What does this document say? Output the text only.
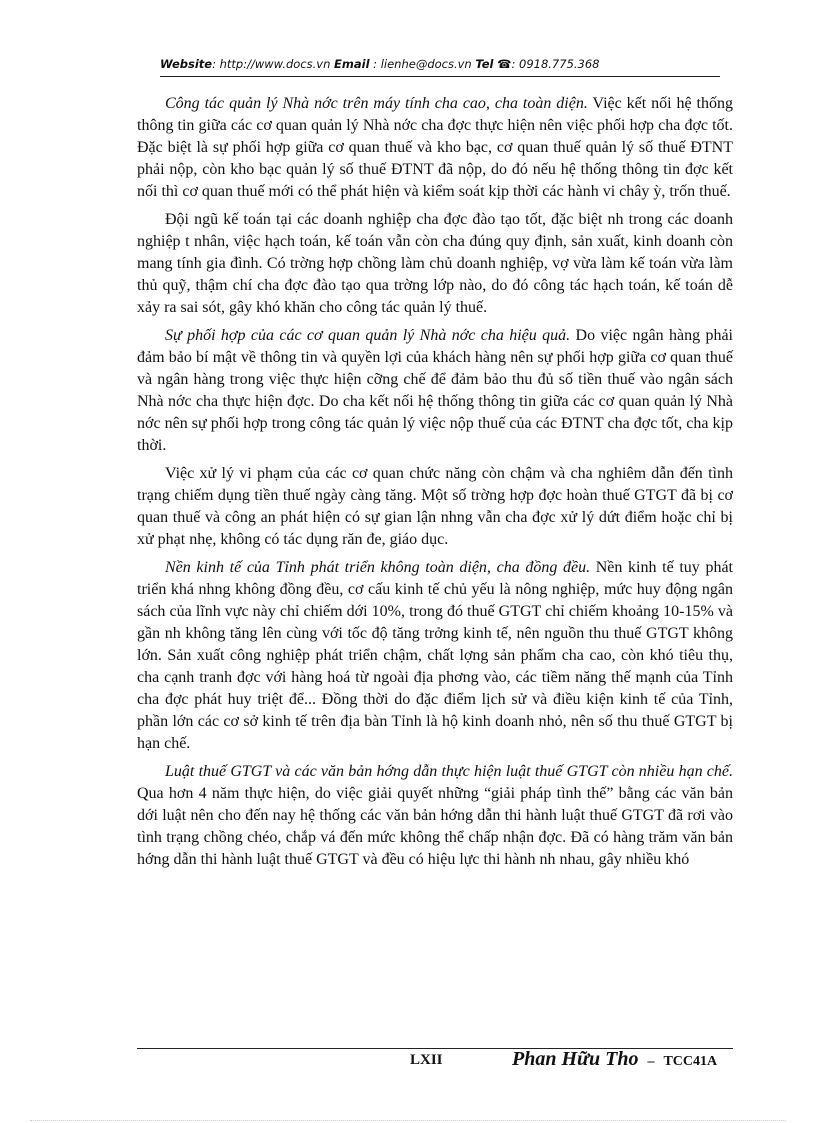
Website: http://www.docs.vn Email : lienhe@docs.vn Tel ☎: 0918.775.368

Công tác quản lý Nhà nớc trên máy tính cha cao, cha toàn diện. Việc kết nối hệ thống thông tin giữa các cơ quan quản lý Nhà nớc cha đợc thực hiện nên việc phối hợp cha đợc tốt. Đặc biệt là sự phối hợp giữa cơ quan thuế và kho bạc, cơ quan thuế quản lý số thuế ĐTNT phải nộp, còn kho bạc quản lý số thuế ĐTNT đã nộp, do đó nếu hệ thống thông tin đợc kết nối thì cơ quan thuế mới có thể phát hiện và kiểm soát kịp thời các hành vi chây ỳ, trốn thuế.

Đội ngũ kế toán tại các doanh nghiệp cha đợc đào tạo tốt, đặc biệt nh trong các doanh nghiệp t nhân, việc hạch toán, kế toán vẫn còn cha đúng quy định, sản xuất, kinh doanh còn mang tính gia đình. Có trờng hợp chồng làm chủ doanh nghiệp, vợ vừa làm kế toán vừa làm thủ quỹ, thậm chí cha đợc đào tạo qua trờng lớp nào, do đó công tác hạch toán, kế toán dễ xảy ra sai sót, gây khó khăn cho công tác quản lý thuế.

Sự phối hợp của các cơ quan quản lý Nhà nớc cha hiệu quả. Do việc ngân hàng phải đảm bảo bí mật về thông tin và quyền lợi của khách hàng nên sự phối hợp giữa cơ quan thuế và ngân hàng trong việc thực hiện cỡng chế để đảm bảo thu đủ số tiền thuế vào ngân sách Nhà nớc cha thực hiện đợc. Do cha kết nối hệ thống thông tin giữa các cơ quan quản lý Nhà nớc nên sự phối hợp trong công tác quản lý việc nộp thuế của các ĐTNT cha đợc tốt, cha kịp thời.

Việc xử lý vi phạm của các cơ quan chức năng còn chậm và cha nghiêm dẫn đến tình trạng chiếm dụng tiền thuế ngày càng tăng. Một số trờng hợp đợc hoàn thuế GTGT đã bị cơ quan thuế và công an phát hiện có sự gian lận nhng vẫn cha đợc xử lý dứt điểm hoặc chỉ bị xử phạt nhẹ, không có tác dụng răn đe, giáo dục.

Nền kinh tế của Tỉnh phát triển không toàn diện, cha đồng đều. Nền kinh tế tuy phát triển khá nhng không đồng đều, cơ cấu kinh tế chủ yếu là nông nghiệp, mức huy động ngân sách của lĩnh vực này chỉ chiếm dới 10%, trong đó thuế GTGT chỉ chiếm khoảng 10-15% và gần nh không tăng lên cùng với tốc độ tăng trởng kinh tế, nên nguồn thu thuế GTGT không lớn. Sản xuất công nghiệp phát triển chậm, chất lợng sản phẩm cha cao, còn khó tiêu thụ, cha cạnh tranh đợc với hàng hoá từ ngoài địa phơng vào, các tiềm năng thế mạnh của Tỉnh cha đợc phát huy triệt để... Đồng thời do đặc điểm lịch sử và điều kiện kinh tế của Tỉnh, phần lớn các cơ sở kinh tế trên địa bàn Tỉnh là hộ kinh doanh nhỏ, nên số thu thuế GTGT bị hạn chế.

Luật thuế GTGT và các văn bản hớng dẫn thực hiện luật thuế GTGT còn nhiều hạn chế. Qua hơn 4 năm thực hiện, do việc giải quyết những “giải pháp tình thế” bằng các văn bản dới luật nên cho đến nay hệ thống các văn bản hớng dẫn thi hành luật thuế GTGT đã rơi vào tình trạng chồng chéo, chắp vá đến mức không thể chấp nhận đợc. Đã có hàng trăm văn bản hớng dẫn thi hành luật thuế GTGT và đều có hiệu lực thi hành nh nhau, gây nhiều khó

LXII	Phan Hữu Tho – TCC41A
